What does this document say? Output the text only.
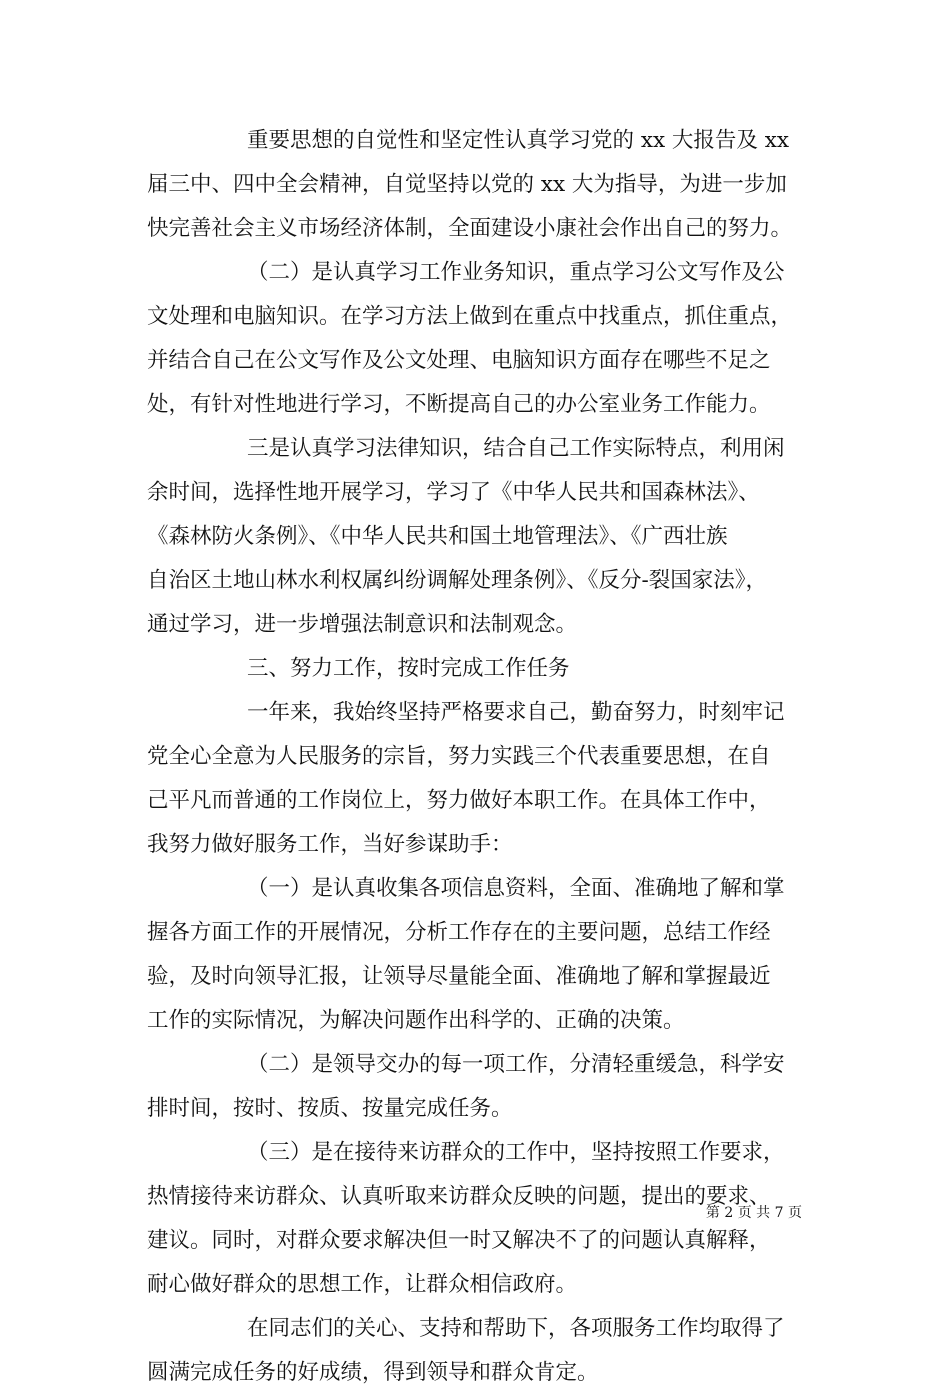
重要思想的自觉性和坚定性认真学习党的 xx 大报告及 xx
届三中、四中全会精神，自觉坚持以党的 xx 大为指导，为进一步加
快完善社会主义市场经济体制，全面建设小康社会作出自己的努力。
（二）是认真学习工作业务知识，重点学习公文写作及公
文处理和电脑知识。在学习方法上做到在重点中找重点，抓住重点，
并结合自己在公文写作及公文处理、电脑知识方面存在哪些不足之
处，有针对性地进行学习，不断提高自己的办公室业务工作能力。
三是认真学习法律知识，结合自己工作实际特点，利用闲
余时间，选择性地开展学习，学习了《中华人民共和国森林法》、
《森林防火条例》、《中华人民共和国土地管理法》、《广西壮族
自治区土地山林水利权属纠纷调解处理条例》、《反分-裂国家法》，
通过学习，进一步增强法制意识和法制观念。
三、努力工作，按时完成工作任务
一年来，我始终坚持严格要求自己，勤奋努力，时刻牢记
党全心全意为人民服务的宗旨，努力实践三个代表重要思想，在自
己平凡而普通的工作岗位上，努力做好本职工作。在具体工作中，
我努力做好服务工作，当好参谋助手：
（一）是认真收集各项信息资料，全面、准确地了解和掌
握各方面工作的开展情况，分析工作存在的主要问题，总结工作经
验，及时向领导汇报，让领导尽量能全面、准确地了解和掌握最近
工作的实际情况，为解决问题作出科学的、正确的决策。
（二）是领导交办的每一项工作，分清轻重缓急，科学安
排时间，按时、按质、按量完成任务。
（三）是在接待来访群众的工作中，坚持按照工作要求，
热情接待来访群众、认真听取来访群众反映的问题，提出的要求、
建议。同时，对群众要求解决但一时又解决不了的问题认真解释，
耐心做好群众的思想工作，让群众相信政府。
在同志们的关心、支持和帮助下，各项服务工作均取得了
圆满完成任务的好成绩，得到领导和群众肯定。
第 2 页 共 7 页
